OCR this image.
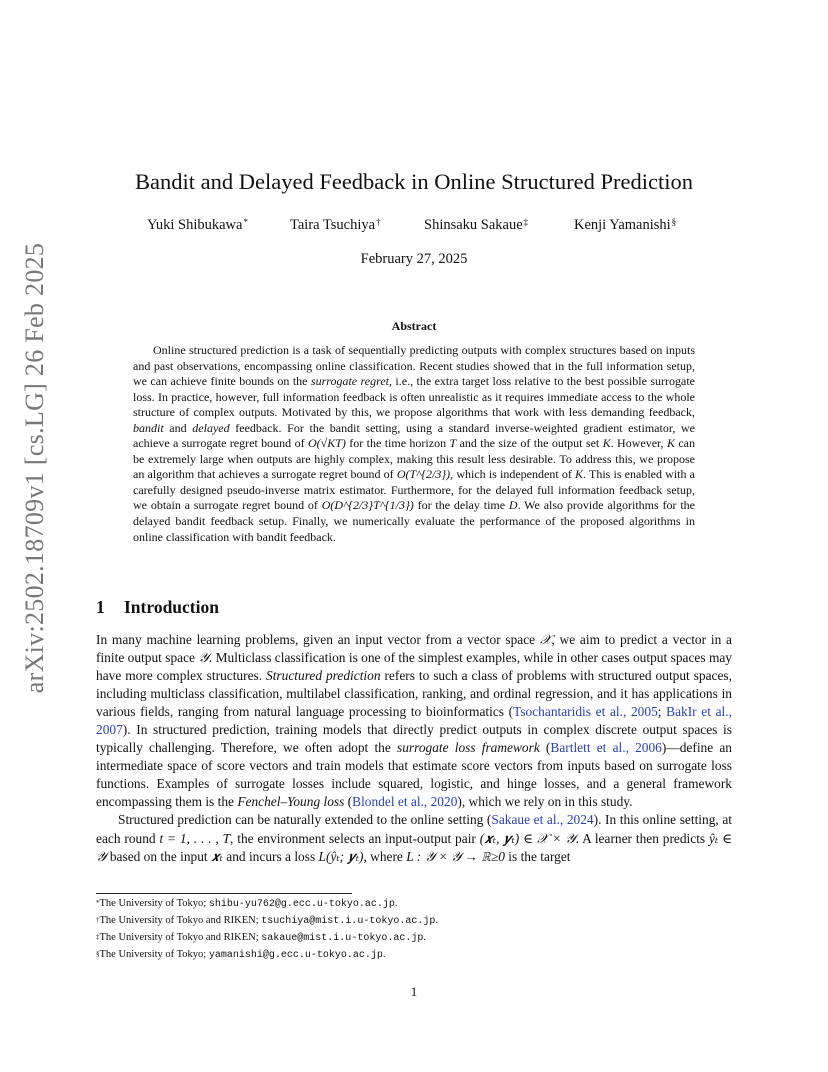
arXiv:2502.18709v1 [cs.LG] 26 Feb 2025
Bandit and Delayed Feedback in Online Structured Prediction
Yuki Shibukawa*	Taira Tsuchiya†	Shinsaku Sakaue‡	Kenji Yamanishi§
February 27, 2025
Abstract

Online structured prediction is a task of sequentially predicting outputs with complex structures based on inputs and past observations, encompassing online classification. Recent studies showed that in the full information setup, we can achieve finite bounds on the surrogate regret, i.e., the extra target loss relative to the best possible surrogate loss. In practice, however, full information feedback is often unrealistic as it requires immediate access to the whole structure of complex outputs. Motivated by this, we propose algorithms that work with less demanding feedback, bandit and delayed feedback. For the bandit setting, using a standard inverse-weighted gradient estimator, we achieve a surrogate regret bound of O(√KT) for the time horizon T and the size of the output set K. However, K can be extremely large when outputs are highly complex, making this result less desirable. To address this, we propose an algorithm that achieves a surrogate regret bound of O(T^{2/3}), which is independent of K. This is enabled with a carefully designed pseudo-inverse matrix estimator. Furthermore, for the delayed full information feedback setup, we obtain a surrogate regret bound of O(D^{2/3}T^{1/3}) for the delay time D. We also provide algorithms for the delayed bandit feedback setup. Finally, we numerically evaluate the performance of the proposed algorithms in online classification with bandit feedback.

1 Introduction

In many machine learning problems, given an input vector from a vector space 𝒳, we aim to predict a vector in a finite output space 𝒴. Multiclass classification is one of the simplest examples, while in other cases output spaces may have more complex structures. Structured prediction refers to such a class of problems with structured output spaces, including multiclass classification, multilabel classification, ranking, and ordinal regression, and it has applications in various fields, ranging from natural language processing to bioinformatics (Tsochantaridis et al., 2005; BakIr et al., 2007). In structured prediction, training models that directly predict outputs in complex discrete output spaces is typically challenging. Therefore, we often adopt the surrogate loss framework (Bartlett et al., 2006)—define an intermediate space of score vectors and train models that estimate score vectors from inputs based on surrogate loss functions. Examples of surrogate losses include squared, logistic, and hinge losses, and a general framework encompassing them is the Fenchel–Young loss (Blondel et al., 2020), which we rely on in this study.

Structured prediction can be naturally extended to the online setting (Sakaue et al., 2024). In this online setting, at each round t = 1, . . . , T, the environment selects an input-output pair (𝒙ₜ, 𝒚ₜ) ∈ 𝒳 × 𝒴. A learner then predicts ŷₜ ∈ 𝒴 based on the input 𝒙ₜ and incurs a loss L(ŷₜ; 𝒚ₜ), where L : 𝒴 × 𝒴 → ℝ≥0 is the target

*The University of Tokyo; shibu-yu762@g.ecc.u-tokyo.ac.jp.
†The University of Tokyo and RIKEN; tsuchiya@mist.i.u-tokyo.ac.jp.
‡The University of Tokyo and RIKEN; sakaue@mist.i.u-tokyo.ac.jp.
§The University of Tokyo; yamanishi@g.ecc.u-tokyo.ac.jp.
1
